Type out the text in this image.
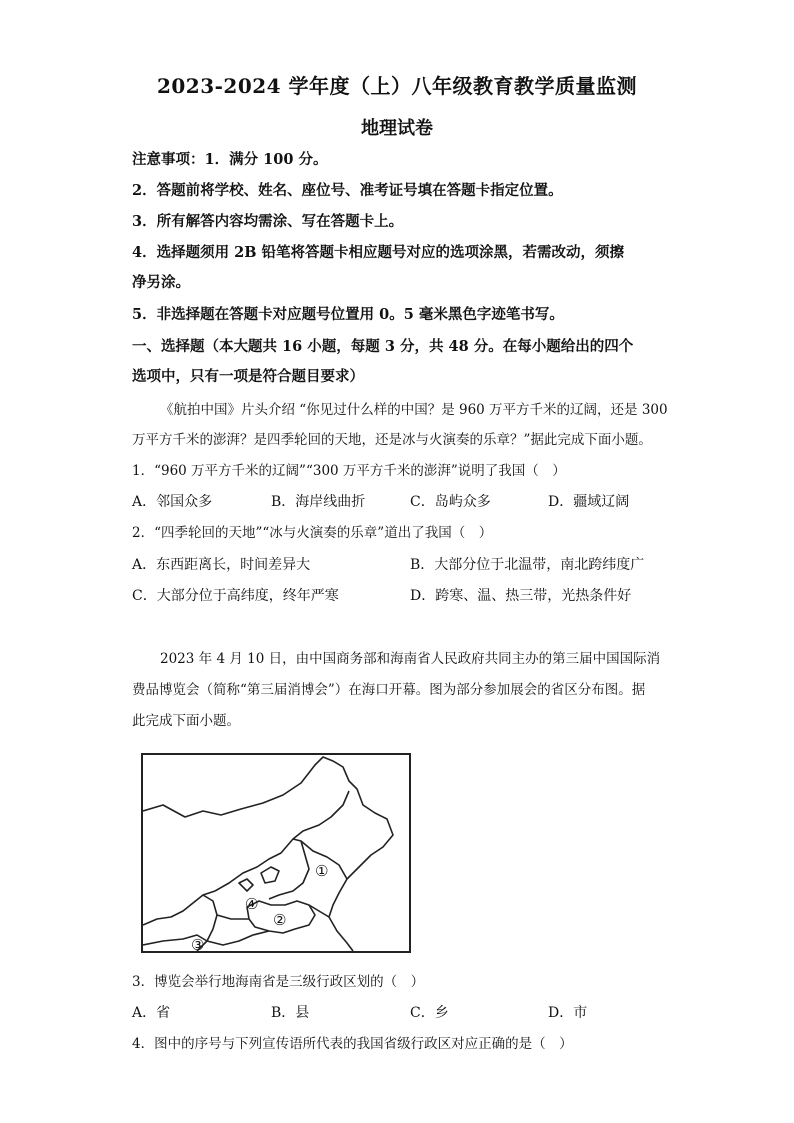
2023-2024 学年度（上）八年级教育教学质量监测
地理试卷
注意事项：1．满分 100 分。
2．答题前将学校、姓名、座位号、准考证号填在答题卡指定位置。
3．所有解答内容均需涂、写在答题卡上。
4．选择题须用 2B 铅笔将答题卡相应题号对应的选项涂黑，若需改动，须擦
净另涂。
5．非选择题在答题卡对应题号位置用 0。5 毫米黑色字迹笔书写。
一、选择题（本大题共 16 小题，每题 3 分，共 48 分。在每小题给出的四个
选项中，只有一项是符合题目要求）
《航拍中国》片头介绍 “你见过什么样的中国？是 960 万平方千米的辽阔，还是 300
万平方千米的澎湃？是四季轮回的天地，还是冰与火演奏的乐章？”据此完成下面小题。
1．“960 万平方千米的辽阔”“300 万平方千米的澎湃”说明了我国（　）
A．邻国众多	B．海岸线曲折	C．岛屿众多	D．疆域辽阔
2．“四季轮回的天地”“冰与火演奏的乐章”道出了我国（　）
A．东西距离长，时间差异大	B．大部分位于北温带，南北跨纬度广
C．大部分位于高纬度，终年严寒	D．跨寒、温、热三带，光热条件好
2023 年 4 月 10 日，由中国商务部和海南省人民政府共同主办的第三届中国国际消
费品博览会（简称“第三届消博会”）在海口开幕。图为部分参加展会的省区分布图。据
此完成下面小题。
①
②
③
④
3．博览会举行地海南省是三级行政区划的（　）
A．省	B．县	C．乡	D．市
4．图中的序号与下列宣传语所代表的我国省级行政区对应正确的是（　）
